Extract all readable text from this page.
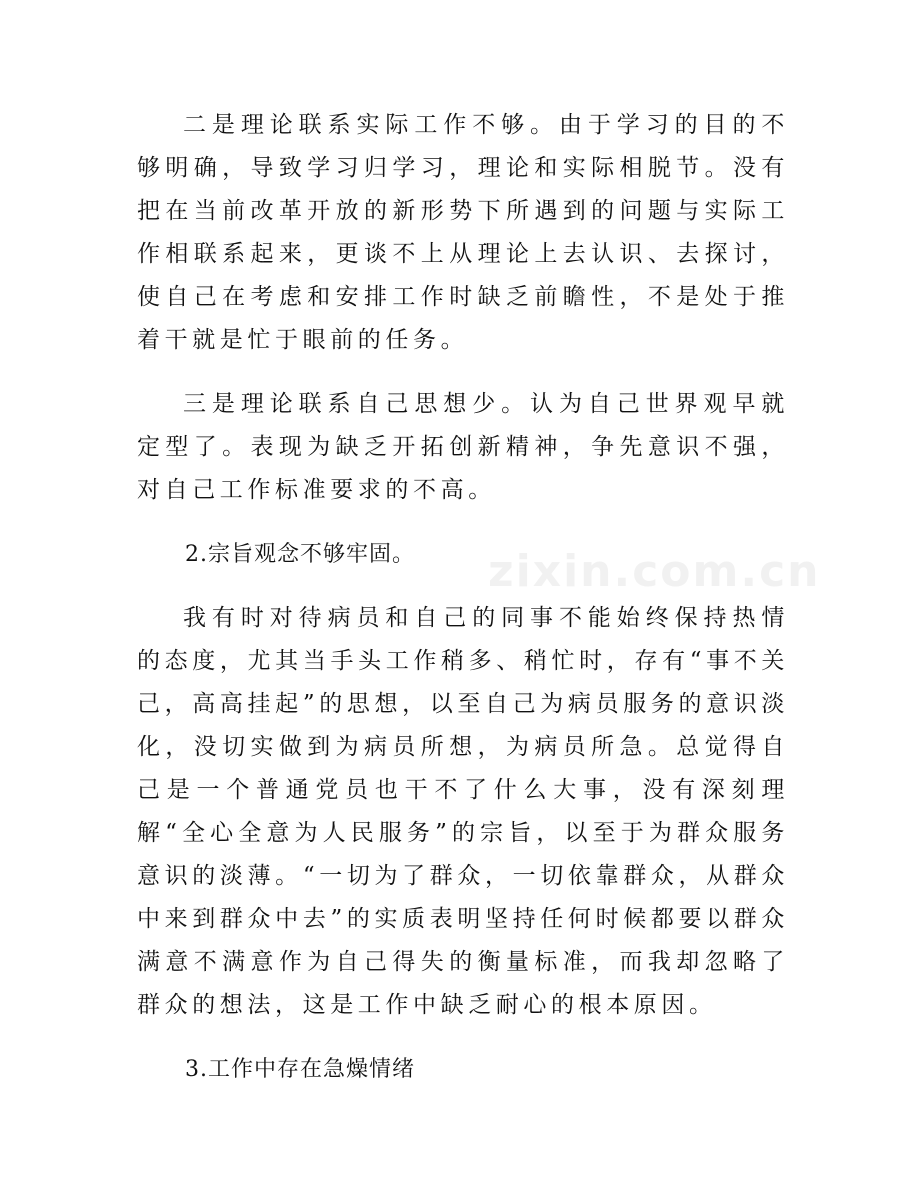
二是理论联系实际工作不够。由于学习的目的不够明确，导致学习归学习，理论和实际相脱节。没有把在当前改革开放的新形势下所遇到的问题与实际工作相联系起来，更谈不上从理论上去认识、去探讨，使自己在考虑和安排工作时缺乏前瞻性，不是处于推着干就是忙于眼前的任务。

三是理论联系自己思想少。认为自己世界观早就定型了。表现为缺乏开拓创新精神，争先意识不强，对自己工作标准要求的不高。

2.宗旨观念不够牢固。

我有时对待病员和自己的同事不能始终保持热情的态度，尤其当手头工作稍多、稍忙时，存有“事不关己，高高挂起”的思想，以至自己为病员服务的意识淡化，没切实做到为病员所想，为病员所急。总觉得自己是一个普通党员也干不了什么大事，没有深刻理解“全心全意为人民服务”的宗旨，以至于为群众服务意识的淡薄。“一切为了群众，一切依靠群众，从群众中来到群众中去”的实质表明坚持任何时候都要以群众满意不满意作为自己得失的衡量标准，而我却忽略了群众的想法，这是工作中缺乏耐心的根本原因。

3.工作中存在急燥情绪

zixin.com.cn
